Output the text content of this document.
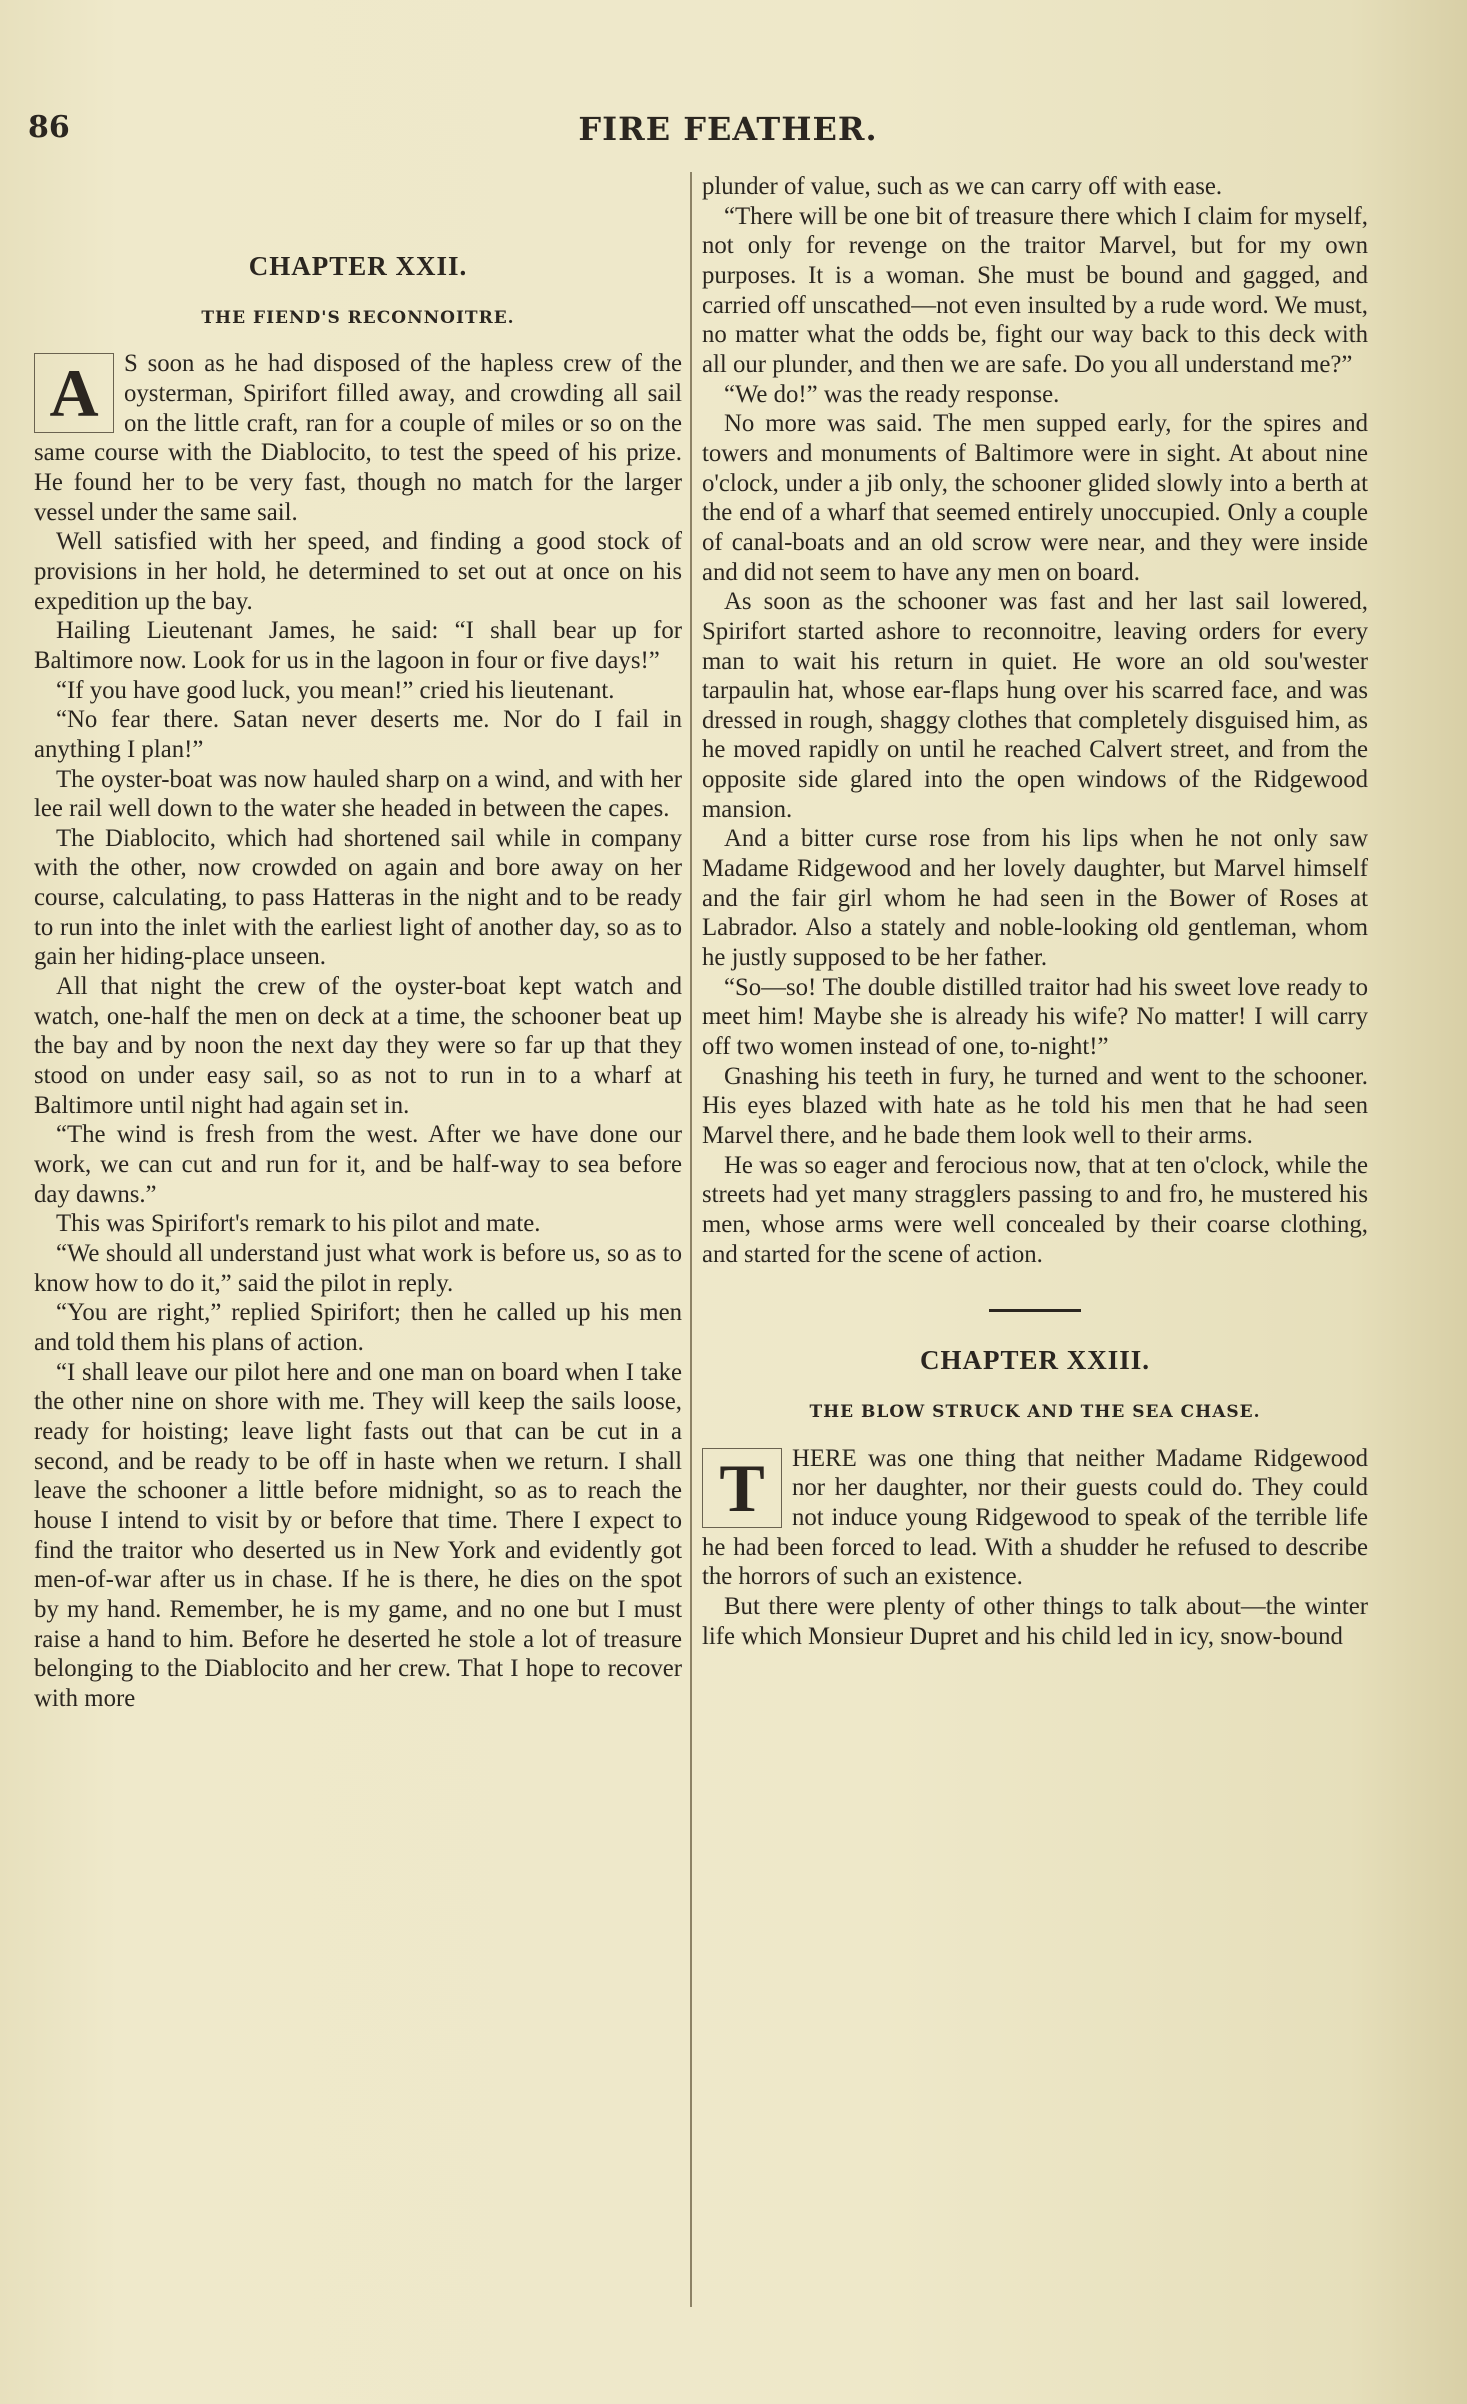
86	FIRE FEATHER.
CHAPTER XXII.
THE FIEND'S RECONNOITRE.
A	S soon as he had disposed of the hapless crew of the oysterman, Spirifort filled away, and crowding all sail on the little craft, ran for a couple of miles or so on the same course with the Diablocito, to test the speed of his prize. He found her to be very fast, though no match for the larger vessel under the same sail.

Well satisfied with her speed, and finding a good stock of provisions in her hold, he determined to set out at once on his expedition up the bay.

Hailing Lieutenant James, he said: “I shall bear up for Baltimore now. Look for us in the lagoon in four or five days!”

“If you have good luck, you mean!” cried his lieutenant.

“No fear there. Satan never deserts me. Nor do I fail in anything I plan!”

The oyster-boat was now hauled sharp on a wind, and with her lee rail well down to the water she headed in between the capes.

The Diablocito, which had shortened sail while in company with the other, now crowded on again and bore away on her course, calculating, to pass Hatteras in the night and to be ready to run into the inlet with the earliest light of another day, so as to gain her hiding-place unseen.

All that night the crew of the oyster-boat kept watch and watch, one-half the men on deck at a time, the schooner beat up the bay and by noon the next day they were so far up that they stood on under easy sail, so as not to run in to a wharf at Baltimore until night had again set in.

“The wind is fresh from the west. After we have done our work, we can cut and run for it, and be half-way to sea before day dawns.”

This was Spirifort's remark to his pilot and mate.

“We should all understand just what work is before us, so as to know how to do it,” said the pilot in reply.

“You are right,” replied Spirifort; then he called up his men and told them his plans of action.

“I shall leave our pilot here and one man on board when I take the other nine on shore with me. They will keep the sails loose, ready for hoisting; leave light fasts out that can be cut in a second, and be ready to be off in haste when we return. I shall leave the schooner a little before midnight, so as to reach the house I intend to visit by or before that time. There I expect to find the traitor who deserted us in New York and evidently got men-of-war after us in chase. If he is there, he dies on the spot by my hand. Remember, he is my game, and no one but I must raise a hand to him. Before he deserted he stole a lot of treasure belonging to the Diablocito and her crew. That I hope to recover with more

plunder of value, such as we can carry off with ease.

“There will be one bit of treasure there which I claim for myself, not only for revenge on the traitor Marvel, but for my own purposes. It is a woman. She must be bound and gagged, and carried off unscathed—not even insulted by a rude word. We must, no matter what the odds be, fight our way back to this deck with all our plunder, and then we are safe. Do you all understand me?”

“We do!” was the ready response.

No more was said. The men supped early, for the spires and towers and monuments of Baltimore were in sight. At about nine o'clock, under a jib only, the schooner glided slowly into a berth at the end of a wharf that seemed entirely unoccupied. Only a couple of canal-boats and an old scrow were near, and they were inside and did not seem to have any men on board.

As soon as the schooner was fast and her last sail lowered, Spirifort started ashore to reconnoitre, leaving orders for every man to wait his return in quiet. He wore an old sou'wester tarpaulin hat, whose ear-flaps hung over his scarred face, and was dressed in rough, shaggy clothes that completely disguised him, as he moved rapidly on until he reached Calvert street, and from the opposite side glared into the open windows of the Ridgewood mansion.

And a bitter curse rose from his lips when he not only saw Madame Ridgewood and her lovely daughter, but Marvel himself and the fair girl whom he had seen in the Bower of Roses at Labrador. Also a stately and noble-looking old gentleman, whom he justly supposed to be her father.

“So—so! The double distilled traitor had his sweet love ready to meet him! Maybe she is already his wife? No matter! I will carry off two women instead of one, to-night!”

Gnashing his teeth in fury, he turned and went to the schooner. His eyes blazed with hate as he told his men that he had seen Marvel there, and he bade them look well to their arms.

He was so eager and ferocious now, that at ten o'clock, while the streets had yet many stragglers passing to and fro, he mustered his men, whose arms were well concealed by their coarse clothing, and started for the scene of action.

CHAPTER XXIII.
THE BLOW STRUCK AND THE SEA CHASE.
T	HERE was one thing that neither Madame Ridgewood nor her daughter, nor their guests could do. They could not induce young Ridgewood to speak of the terrible life he had been forced to lead. With a shudder he refused to describe the horrors of such an existence.

But there were plenty of other things to talk about—the winter life which Monsieur Dupret and his child led in icy, snow-bound
